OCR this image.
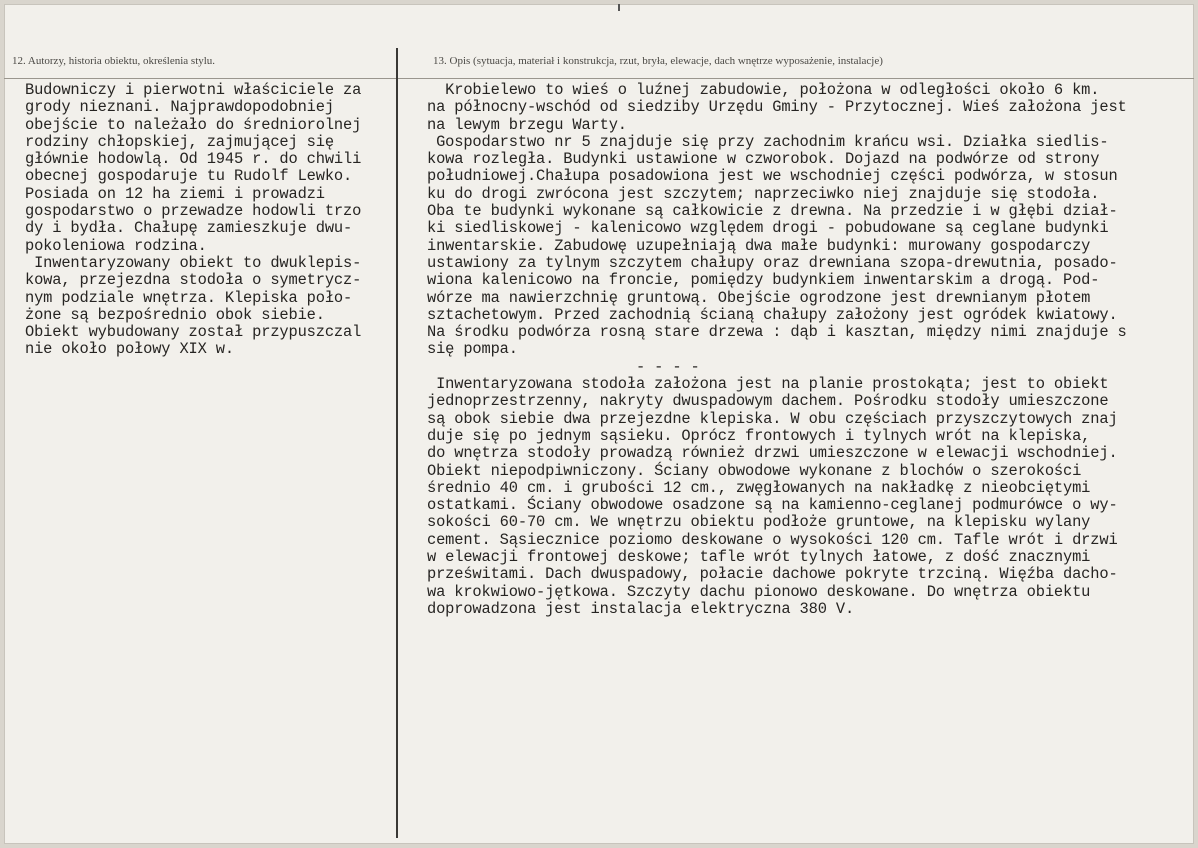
12. Autorzy, historia obiektu, określenia stylu.	13. Opis (sytuacja, materiał i konstrukcja, rzut, bryła, elewacje, dach wnętrze wyposażenie, instalacje)
Budowniczy i pierwotni właściciele za
grody nieznani. Najprawdopodobniej
obejście to należało do średniorolnej
rodziny chłopskiej, zajmującej się
głównie hodowlą. Od 1945 r. do chwili
obecnej gospodaruje tu Rudolf Lewko.
Posiada on 12 ha ziemi i prowadzi
gospodarstwo o przewadze hodowli trzo
dy i bydła. Chałupę zamieszkuje dwu-
pokoleniowa rodzina.
Inwentaryzowany obiekt to dwuklepis-
kowa, przejezdna stodoła o symetrycz-
nym podziale wnętrza. Klepiska poło-
żone są bezpośrednio obok siebie.
Obiekt wybudowany został przypuszczal
nie około połowy XIX w.
Krobielewo to wieś o luźnej zabudowie, położona w odległości około 6 km.
na północny-wschód od siedziby Urzędu Gminy - Przytocznej. Wieś założona jest
na lewym brzegu Warty.
Gospodarstwo nr 5 znajduje się przy zachodnim krańcu wsi. Działka siedlis-
kowa rozległa. Budynki ustawione w czworobok. Dojazd na podwórze od strony
południowej.Chałupa posadowiona jest we wschodniej części podwórza, w stosun
ku do drogi zwrócona jest szczytem; naprzeciwko niej znajduje się stodoła.
Oba te budynki wykonane są całkowicie z drewna. Na przedzie i w głębi dział-
ki siedliskowej - kalenicowo względem drogi - pobudowane są ceglane budynki
inwentarskie. Zabudowę uzupełniają dwa małe budynki: murowany gospodarczy
ustawiony za tylnym szczytem chałupy oraz drewniana szopa-drewutnia, posado-
wiona kalenicowo na froncie, pomiędzy budynkiem inwentarskim a drogą. Pod-
wórze ma nawierzchnię gruntową. Obejście ogrodzone jest drewnianym płotem
sztachetowym. Przed zachodnią ścianą chałupy założony jest ogródek kwiatowy.
Na środku podwórza rosną stare drzewa : dąb i kasztan, między nimi znajduje s
się pompa.
- - - -
Inwentaryzowana stodoła założona jest na planie prostokąta; jest to obiekt
jednoprzestrzenny, nakryty dwuspadowym dachem. Pośrodku stodoły umieszczone
są obok siebie dwa przejezdne klepiska. W obu częściach przyszczytowych znaj
duje się po jednym sąsieku. Oprócz frontowych i tylnych wrót na klepiska,
do wnętrza stodoły prowadzą również drzwi umieszczone w elewacji wschodniej.
Obiekt niepodpiwniczony. Ściany obwodowe wykonane z blochów o szerokości
średnio 40 cm. i grubości 12 cm., zwęgłowanych na nakładkę z nieobciętymi
ostatkami. Ściany obwodowe osadzone są na kamienno-ceglanej podmurówce o wy-
sokości 60-70 cm. We wnętrzu obiektu podłoże gruntowe, na klepisku wylany
cement. Sąsiecznice poziomo deskowane o wysokości 120 cm. Tafle wrót i drzwi
w elewacji frontowej deskowe; tafle wrót tylnych łatowe, z dość znacznymi
prześwitami. Dach dwuspadowy, połacie dachowe pokryte trzciną. Więźba dacho-
wa krokwiowo-jętkowa. Szczyty dachu pionowo deskowane. Do wnętrza obiektu
doprowadzona jest instalacja elektryczna 380 V.
